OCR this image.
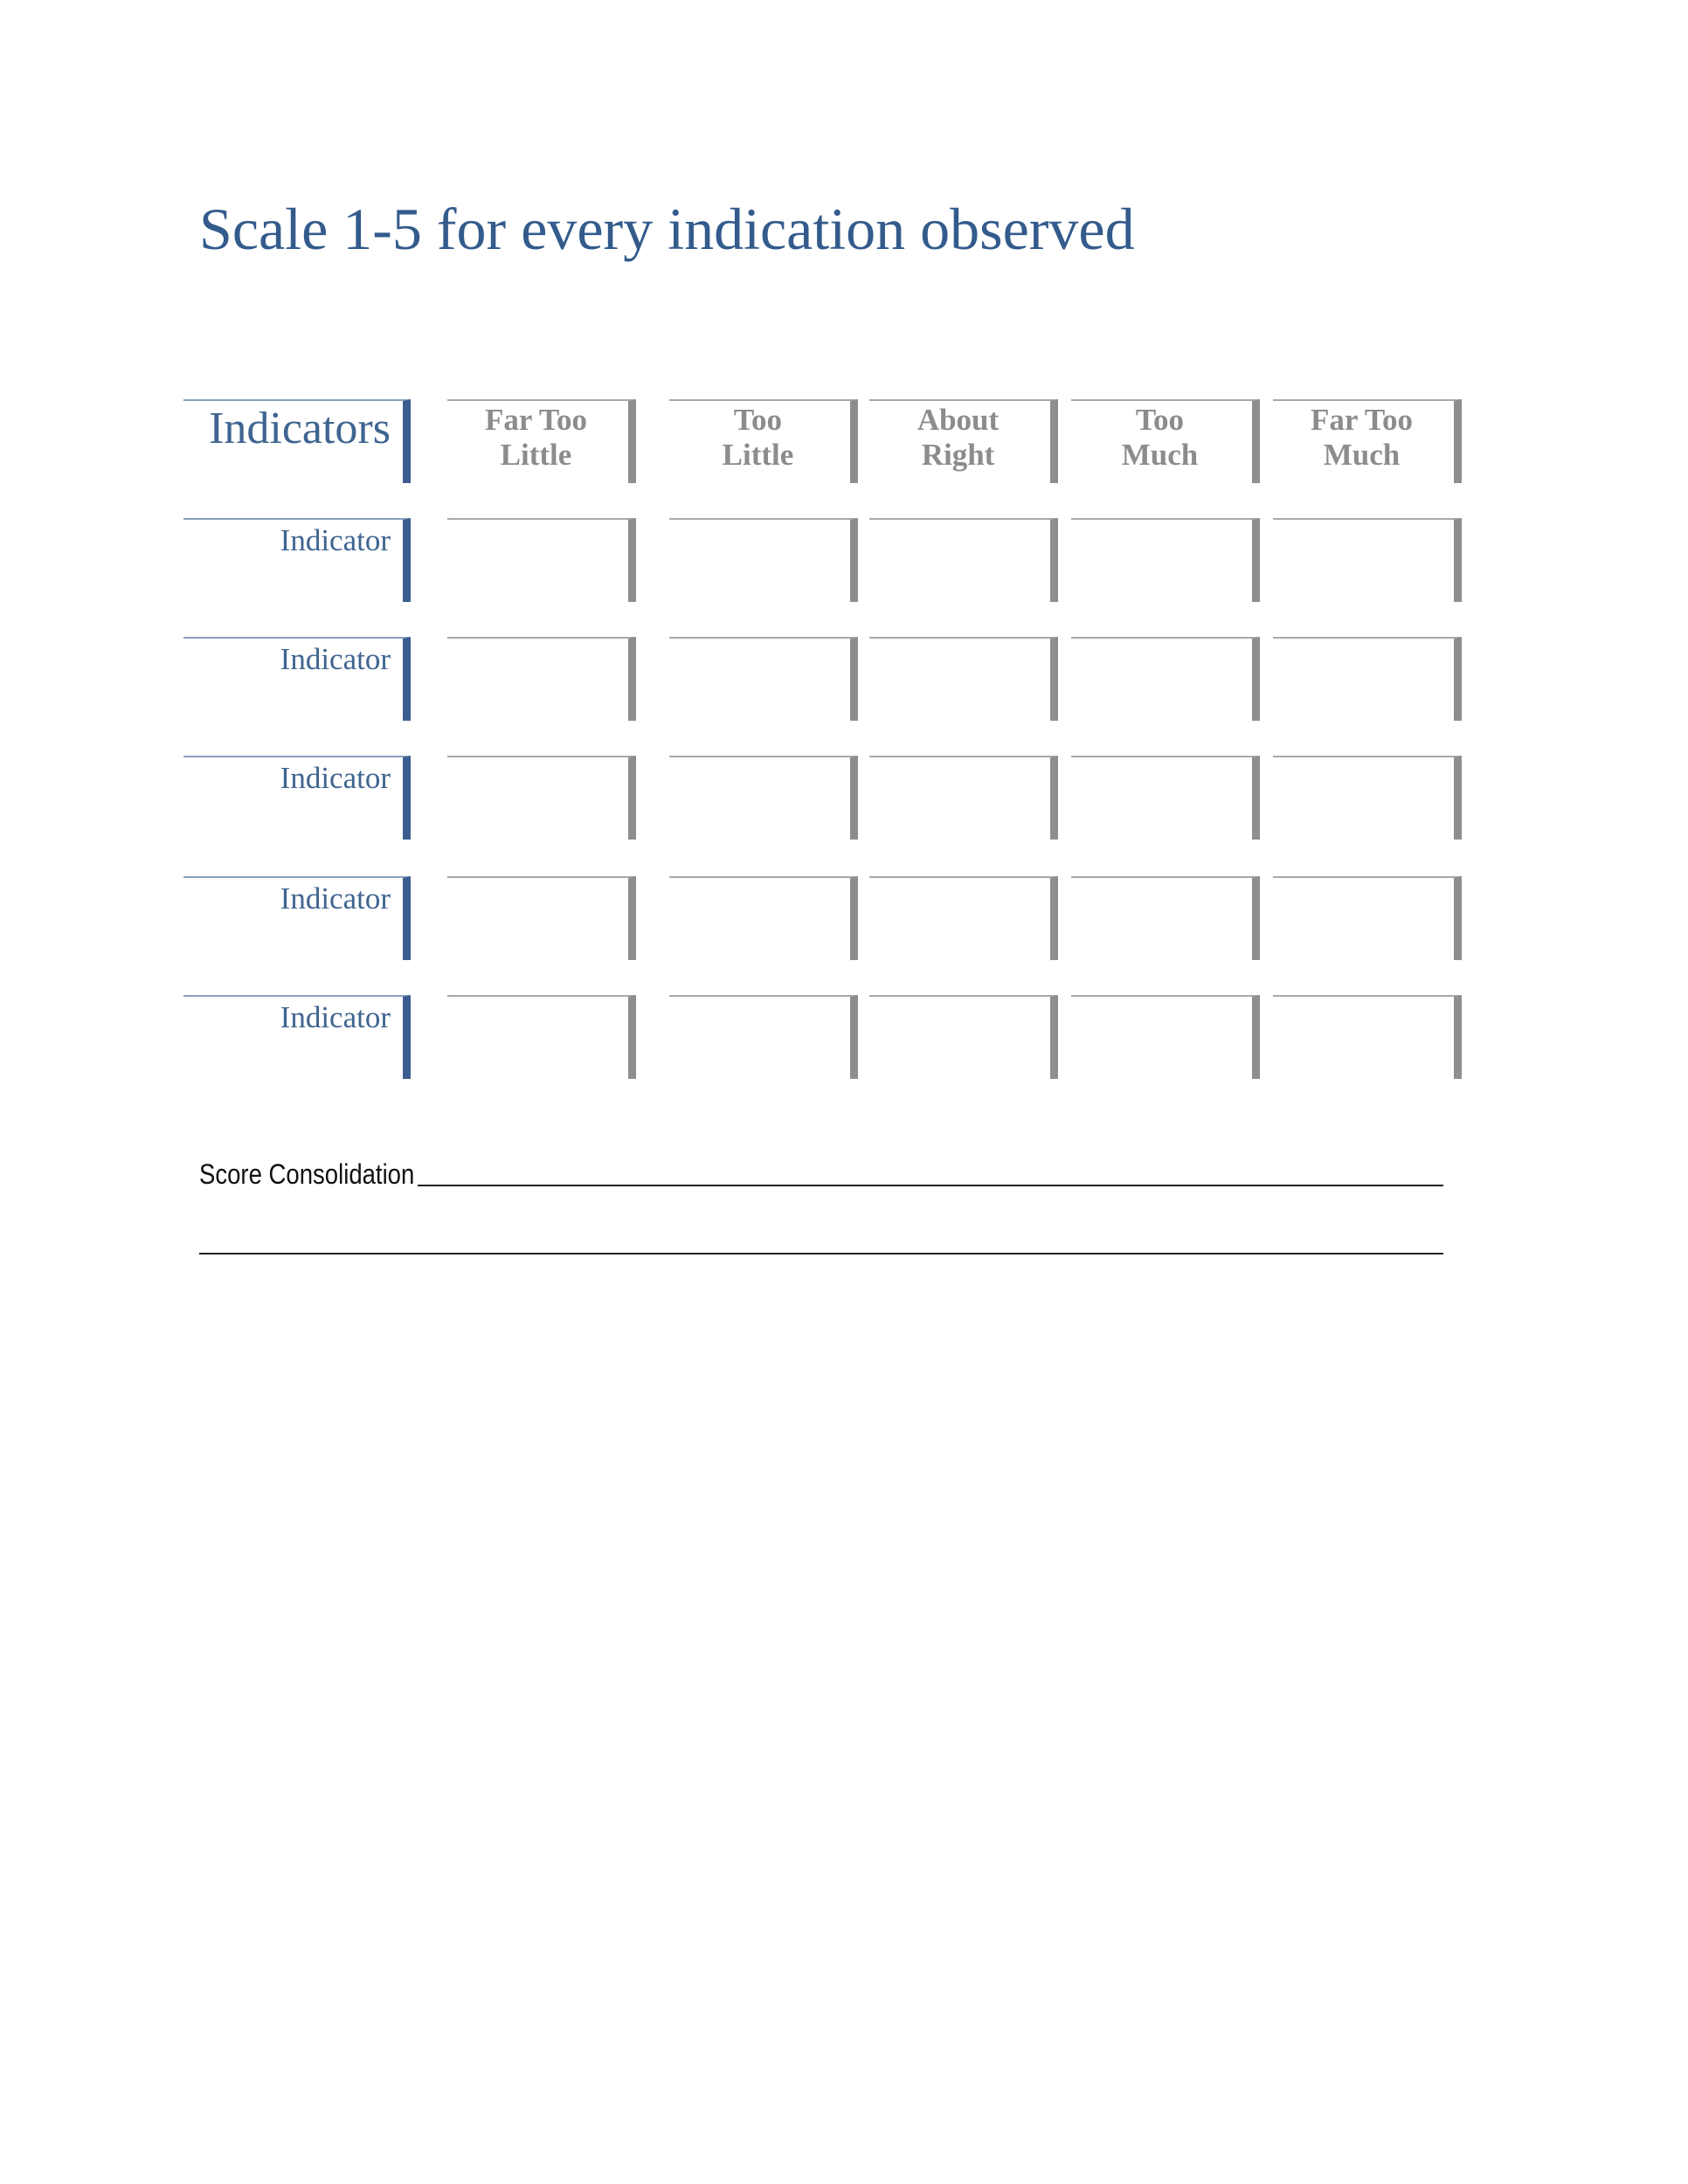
Scale 1-5 for every indication observed
Indicators	Far Too
Little
Too
Little
About
Right
Too
Much
Far Too
Much
Indicator
Indicator
Indicator
Indicator
Indicator
Score Consolidation
